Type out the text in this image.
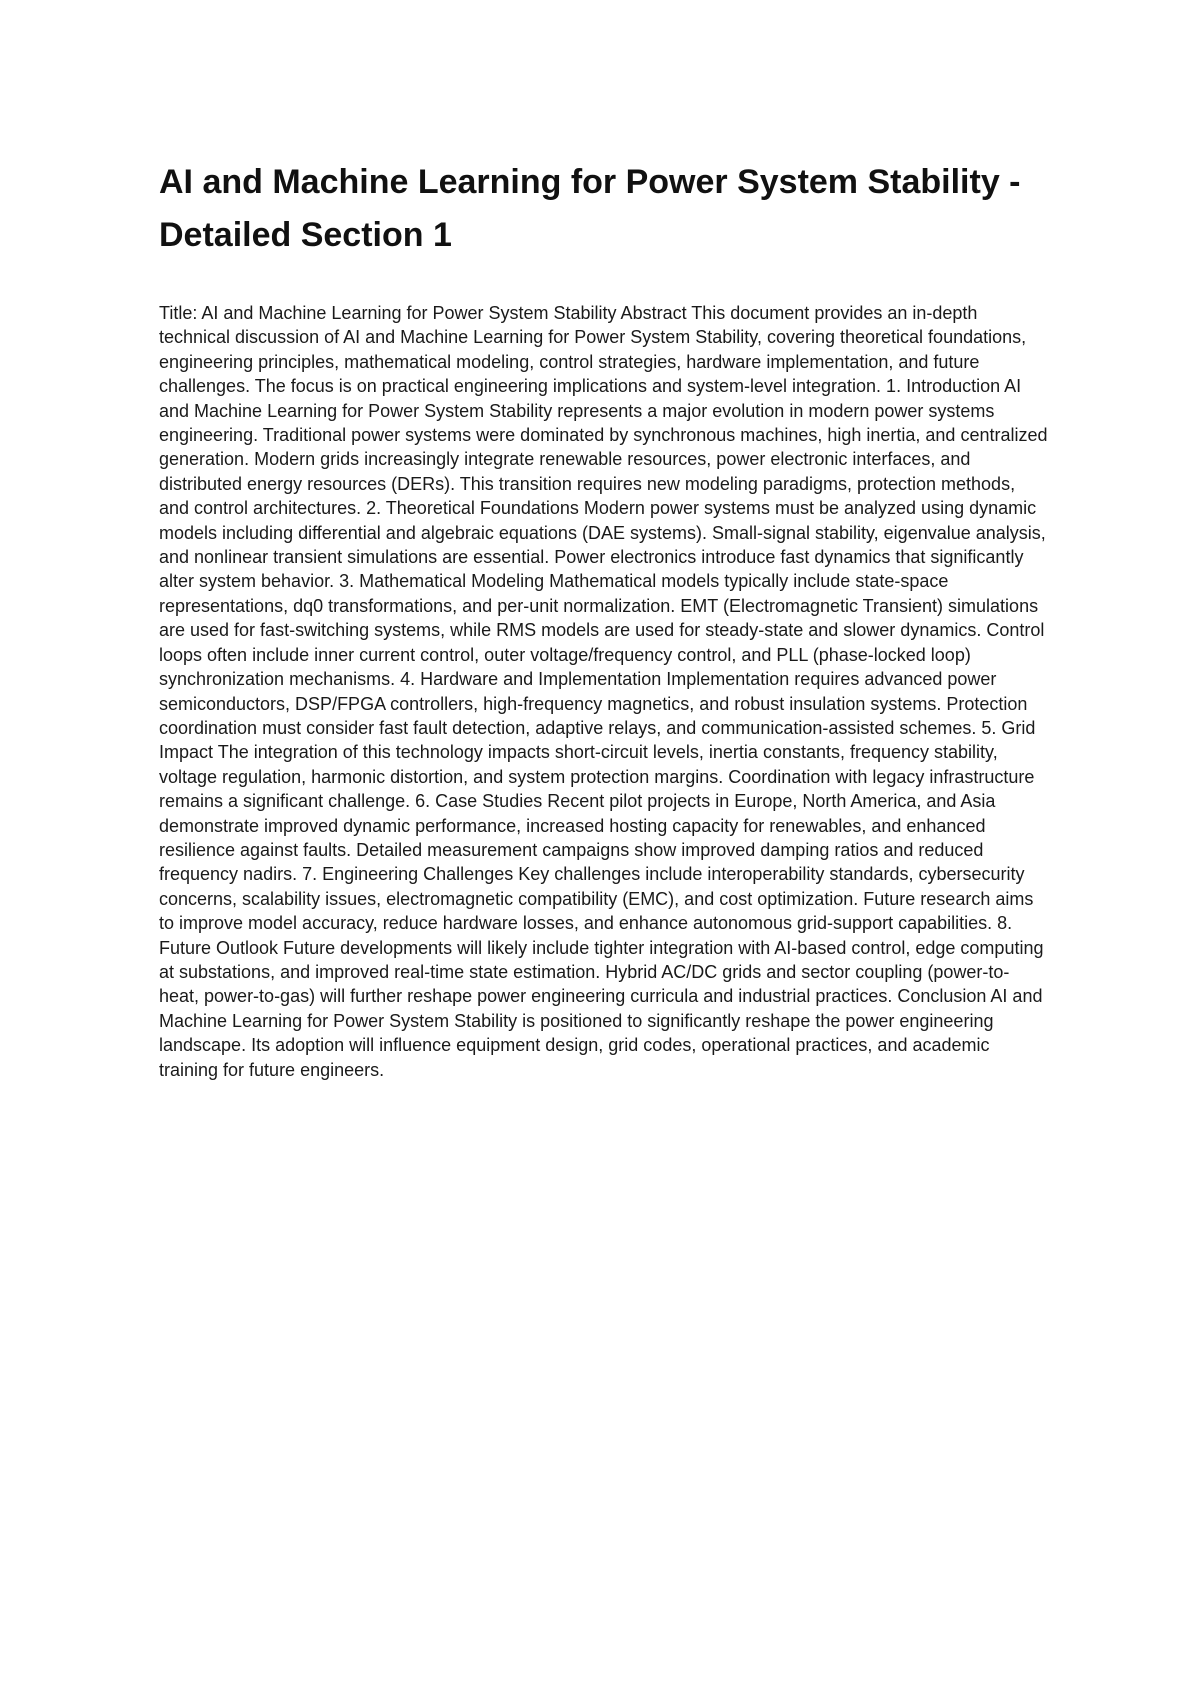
AI and Machine Learning for Power System Stability - Detailed Section 1

Title: AI and Machine Learning for Power System Stability Abstract This document provides an in-depth technical discussion of AI and Machine Learning for Power System Stability, covering theoretical foundations, engineering principles, mathematical modeling, control strategies, hardware implementation, and future challenges. The focus is on practical engineering implications and system-level integration. 1. Introduction AI and Machine Learning for Power System Stability represents a major evolution in modern power systems engineering. Traditional power systems were dominated by synchronous machines, high inertia, and centralized generation. Modern grids increasingly integrate renewable resources, power electronic interfaces, and distributed energy resources (DERs). This transition requires new modeling paradigms, protection methods, and control architectures. 2. Theoretical Foundations Modern power systems must be analyzed using dynamic models including differential and algebraic equations (DAE systems). Small-signal stability, eigenvalue analysis, and nonlinear transient simulations are essential. Power electronics introduce fast dynamics that significantly alter system behavior. 3. Mathematical Modeling Mathematical models typically include state-space representations, dq0 transformations, and per-unit normalization. EMT (Electromagnetic Transient) simulations are used for fast-switching systems, while RMS models are used for steady-state and slower dynamics. Control loops often include inner current control, outer voltage/frequency control, and PLL (phase-locked loop) synchronization mechanisms. 4. Hardware and Implementation Implementation requires advanced power semiconductors, DSP/FPGA controllers, high-frequency magnetics, and robust insulation systems. Protection coordination must consider fast fault detection, adaptive relays, and communication-assisted schemes. 5. Grid Impact The integration of this technology impacts short-circuit levels, inertia constants, frequency stability, voltage regulation, harmonic distortion, and system protection margins. Coordination with legacy infrastructure remains a significant challenge. 6. Case Studies Recent pilot projects in Europe, North America, and Asia demonstrate improved dynamic performance, increased hosting capacity for renewables, and enhanced resilience against faults. Detailed measurement campaigns show improved damping ratios and reduced frequency nadirs. 7. Engineering Challenges Key challenges include interoperability standards, cybersecurity concerns, scalability issues, electromagnetic compatibility (EMC), and cost optimization. Future research aims to improve model accuracy, reduce hardware losses, and enhance autonomous grid-support capabilities. 8. Future Outlook Future developments will likely include tighter integration with AI-based control, edge computing at substations, and improved real-time state estimation. Hybrid AC/DC grids and sector coupling (power-to-heat, power-to-gas) will further reshape power engineering curricula and industrial practices. Conclusion AI and Machine Learning for Power System Stability is positioned to significantly reshape the power engineering landscape. Its adoption will influence equipment design, grid codes, operational practices, and academic training for future engineers.
